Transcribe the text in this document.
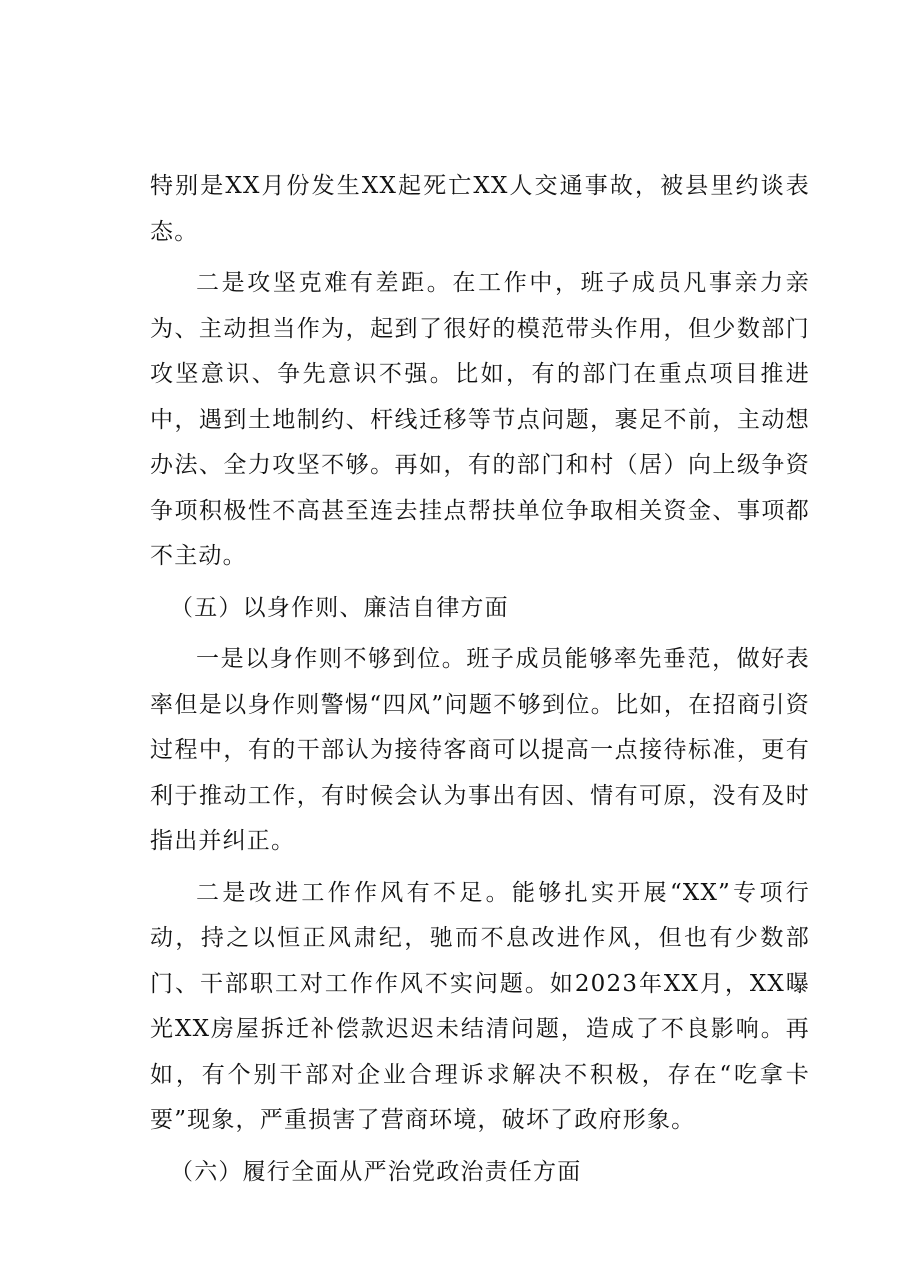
特别是XX月份发生XX起死亡XX人交通事故，被县里约谈表态。

二是攻坚克难有差距。在工作中，班子成员凡事亲力亲为、主动担当作为，起到了很好的模范带头作用，但少数部门攻坚意识、争先意识不强。比如，有的部门在重点项目推进中，遇到土地制约、杆线迁移等节点问题，裹足不前，主动想办法、全力攻坚不够。再如，有的部门和村（居）向上级争资争项积极性不高甚至连去挂点帮扶单位争取相关资金、事项都不主动。

（五）以身作则、廉洁自律方面

一是以身作则不够到位。班子成员能够率先垂范，做好表率但是以身作则警惕“四风”问题不够到位。比如，在招商引资过程中，有的干部认为接待客商可以提高一点接待标准，更有利于推动工作，有时候会认为事出有因、情有可原，没有及时指出并纠正。

二是改进工作作风有不足。能够扎实开展“XX”专项行动，持之以恒正风肃纪，驰而不息改进作风，但也有少数部门、干部职工对工作作风不实问题。如2023年XX月，XX曝光XX房屋拆迁补偿款迟迟未结清问题，造成了不良影响。再如，有个别干部对企业合理诉求解决不积极，存在“吃拿卡要”现象，严重损害了营商环境，破坏了政府形象。

（六）履行全面从严治党政治责任方面
